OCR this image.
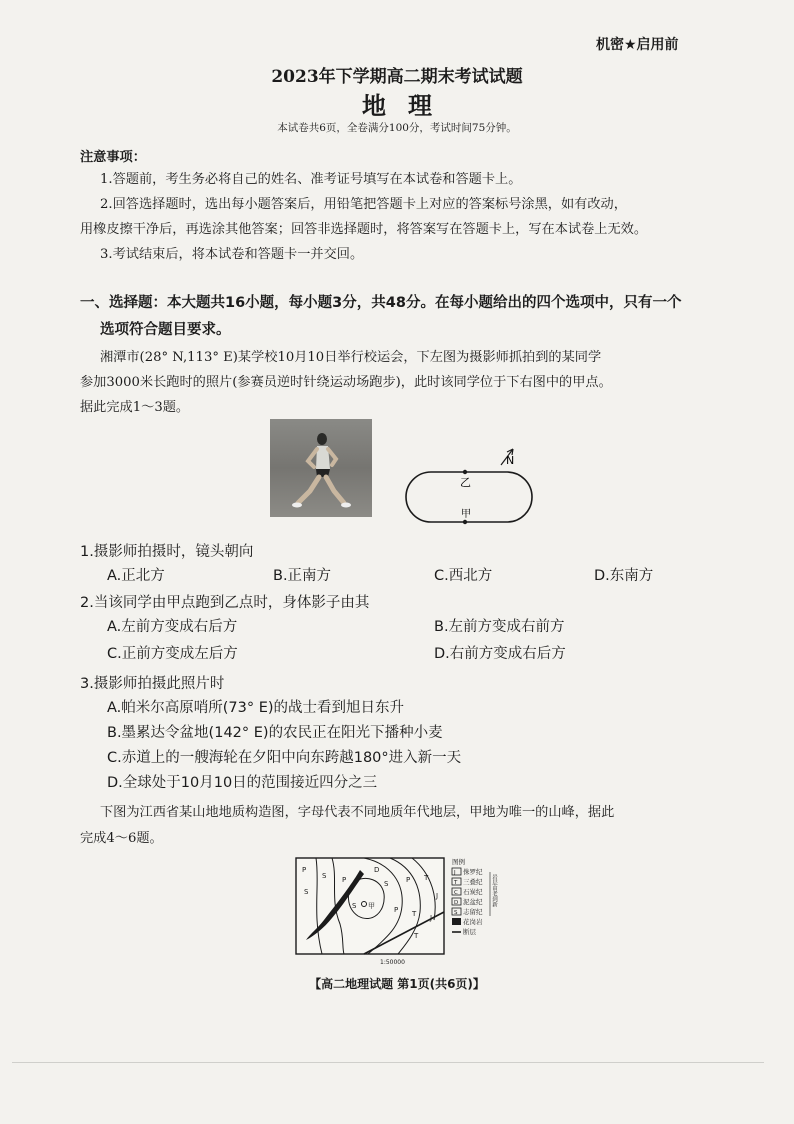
机密★启用前
2023年下学期高二期末考试试题
地理
本试卷共6页，全卷满分100分，考试时间75分钟。
注意事项：
1.答题前，考生务必将自己的姓名、准考证号填写在本试卷和答题卡上。
2.回答选择题时，选出每小题答案后，用铅笔把答题卡上对应的答案标号涂黑，如有改动，
用橡皮擦干净后，再选涂其他答案；回答非选择题时，将答案写在答题卡上，写在本试卷上无效。
3.考试结束后，将本试卷和答题卡一并交回。
一、选择题：本大题共16小题，每小题3分，共48分。在每小题给出的四个选项中，只有一个
选项符合题目要求。
湘潭市(28° N,113° E)某学校10月10日举行校运会，下左图为摄影师抓拍到的某同学
参加3000米长跑时的照片(参赛员逆时针绕运动场跑步)，此时该同学位于下右图中的甲点。
据此完成1～3题。
乙
甲
N
1.摄影师拍摄时，镜头朝向
A.正北方	B.正南方	C.西北方	D.东南方
2.当该同学由甲点跑到乙点时，身体影子由其
A.左前方变成右后方	B.左前方变成右前方
C.正前方变成左后方	D.右前方变成右后方
3.摄影师拍摄此照片时
A.帕米尔高原哨所(73° E)的战士看到旭日东升
B.墨累达令盆地(142° E)的农民正在阳光下播种小麦
C.赤道上的一艘海轮在夕阳中向东跨越180°进入新一天
D.全球处于10月10日的范围接近四分之三
下图为江西省某山地地质构造图，字母代表不同地质年代地层，甲地为唯一的山峰，据此
完成4～6题。
P
S
S
D
P	S	P T
J
S	P T J
T
甲
1:50000
图例
J 侏罗纪
T 三叠纪
C 石炭纪
D 泥盆纪
S 志留纪
花岗岩
断层
岩层由老到新
【高二地理试题 第1页(共6页)】
